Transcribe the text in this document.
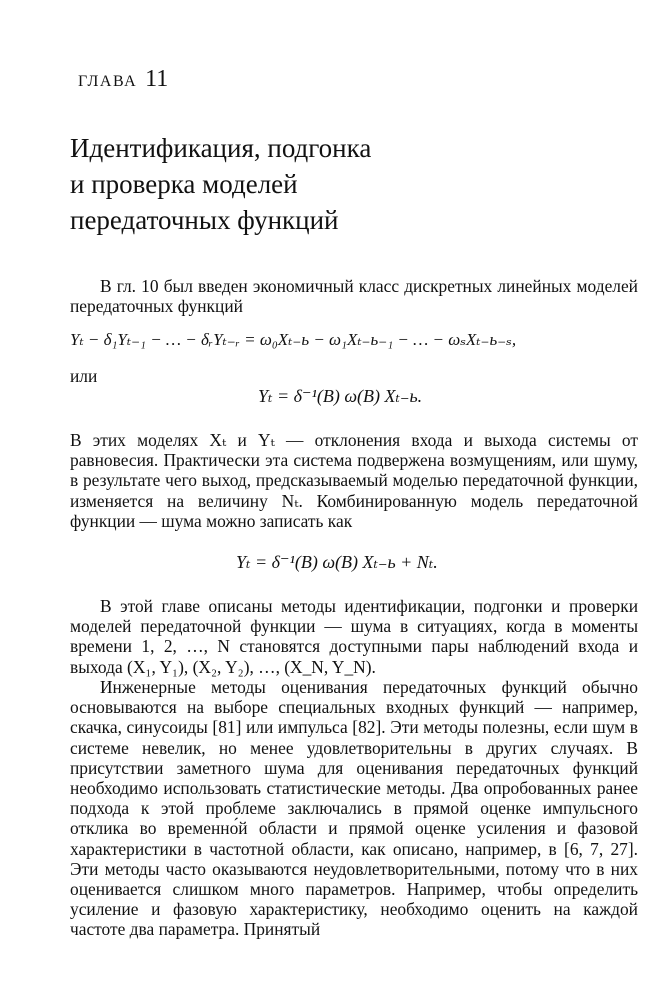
ГЛАВА 11
Идентификация, подгонка
и проверка моделей
передаточных функций
В гл. 10 был введен экономичный класс дискретных линейных моделей передаточных функций
Yₜ − δ₁Yₜ₋₁ − … − δᵣYₜ₋ᵣ = ω₀Xₜ₋ь − ω₁Xₜ₋ь₋₁ − … − ωₛXₜ₋ь₋ₛ,
или
Yₜ = δ⁻¹(B) ω(B) Xₜ₋ь.
В этих моделях Xₜ и Yₜ — отклонения входа и выхода системы от равновесия. Практически эта система подвержена возмущениям, или шуму, в результате чего выход, предсказываемый моделью передаточной функции, изменяется на величину Nₜ. Комбинированную модель передаточной функции — шума можно записать как
Yₜ = δ⁻¹(B) ω(B) Xₜ₋ь + Nₜ.
В этой главе описаны методы идентификации, подгонки и проверки моделей передаточной функции — шума в ситуациях, когда в моменты времени 1, 2, …, N становятся доступными пары наблюдений входа и выхода (X₁, Y₁), (X₂, Y₂), …, (X_N, Y_N).
Инженерные методы оценивания передаточных функций обычно основываются на выборе специальных входных функций — например, скачка, синусоиды [81] или импульса [82]. Эти методы полезны, если шум в системе невелик, но менее удовлетворительны в других случаях. В присутствии заметного шума для оценивания передаточных функций необходимо использовать статистические методы. Два опробованных ранее подхода к этой проблеме заключались в прямой оценке импульсного отклика во временно́й области и прямой оценке усиления и фазовой характеристики в частотной области, как описано, например, в [6, 7, 27]. Эти методы часто оказываются неудовлетворительными, потому что в них оценивается слишком много параметров. Например, чтобы определить усиление и фазовую характеристику, необходимо оценить на каждой частоте два параметра. Принятый
